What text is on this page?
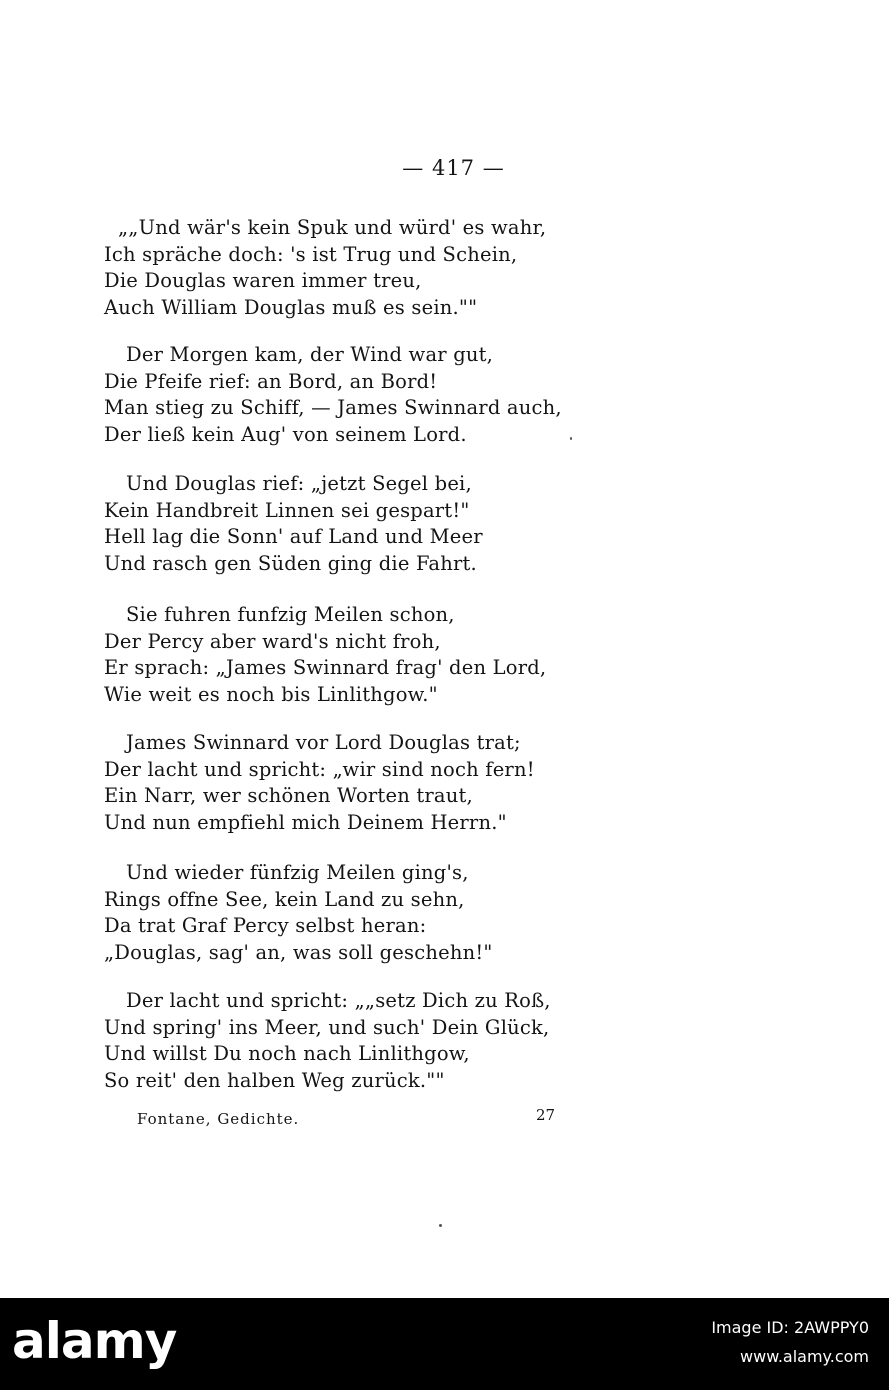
— 417 —
„„Und wär's kein Spuk und würd' es wahr,
Ich spräche doch: 's ist Trug und Schein,
Die Douglas waren immer treu,
Auch William Douglas muß es sein.""
Der Morgen kam, der Wind war gut,
Die Pfeife rief: an Bord, an Bord!
Man stieg zu Schiff, — James Swinnard auch,
Der ließ kein Aug' von seinem Lord.
Und Douglas rief: „jetzt Segel bei,
Kein Handbreit Linnen sei gespart!"
Hell lag die Sonn' auf Land und Meer
Und rasch gen Süden ging die Fahrt.
Sie fuhren funfzig Meilen schon,
Der Percy aber ward's nicht froh,
Er sprach: „James Swinnard frag' den Lord,
Wie weit es noch bis Linlithgow."
James Swinnard vor Lord Douglas trat;
Der lacht und spricht: „wir sind noch fern!
Ein Narr, wer schönen Worten traut,
Und nun empfiehl mich Deinem Herrn."
Und wieder fünfzig Meilen ging's,
Rings offne See, kein Land zu sehn,
Da trat Graf Percy selbst heran:
„Douglas, sag' an, was soll geschehn!"
Der lacht und spricht: „„setz Dich zu Roß,
Und spring' ins Meer, und such' Dein Glück,
Und willst Du noch nach Linlithgow,
So reit' den halben Weg zurück.""
Fontane, Gedichte.	27
alamy	Image ID: 2AWPPY0
www.alamy.com
